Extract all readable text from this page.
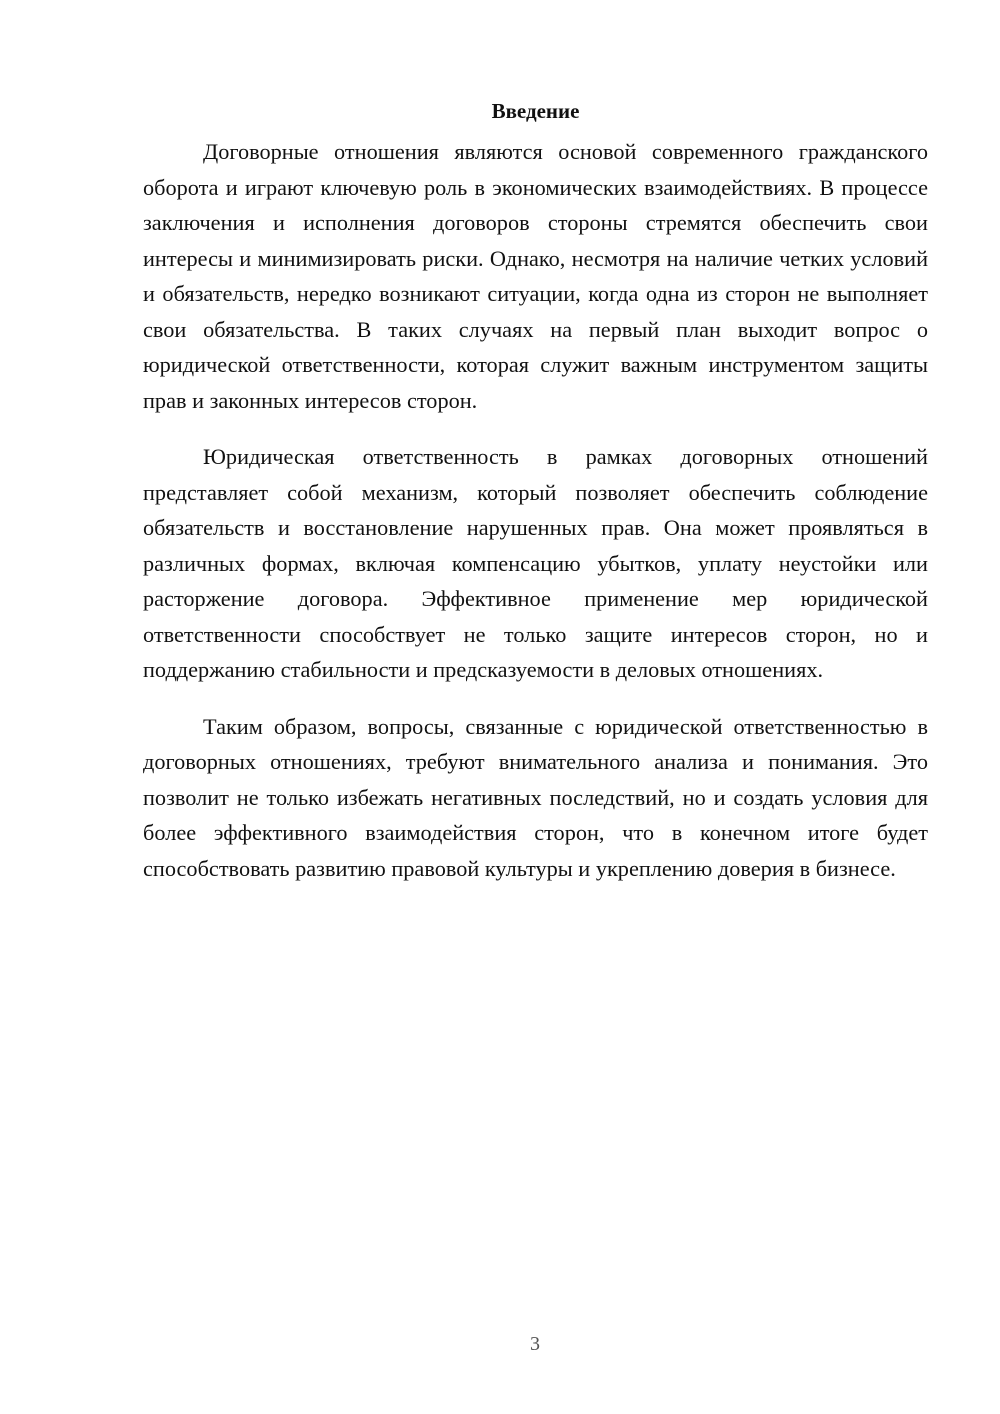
Введение

Договорные отношения являются основой современного гражданского оборота и играют ключевую роль в экономических взаимодействиях. В процессе заключения и исполнения договоров стороны стремятся обеспечить свои интересы и минимизировать риски. Однако, несмотря на наличие четких условий и обязательств, нередко возникают ситуации, когда одна из сторон не выполняет свои обязательства. В таких случаях на первый план выходит вопрос о юридической ответственности, которая служит важным инструментом защиты прав и законных интересов сторон.

Юридическая ответственность в рамках договорных отношений представляет собой механизм, который позволяет обеспечить соблюдение обязательств и восстановление нарушенных прав. Она может проявляться в различных формах, включая компенсацию убытков, уплату неустойки или расторжение договора. Эффективное применение мер юридической ответственности способствует не только защите интересов сторон, но и поддержанию стабильности и предсказуемости в деловых отношениях.

Таким образом, вопросы, связанные с юридической ответственностью в договорных отношениях, требуют внимательного анализа и понимания. Это позволит не только избежать негативных последствий, но и создать условия для более эффективного взаимодействия сторон, что в конечном итоге будет способствовать развитию правовой культуры и укреплению доверия в бизнесе.

3
